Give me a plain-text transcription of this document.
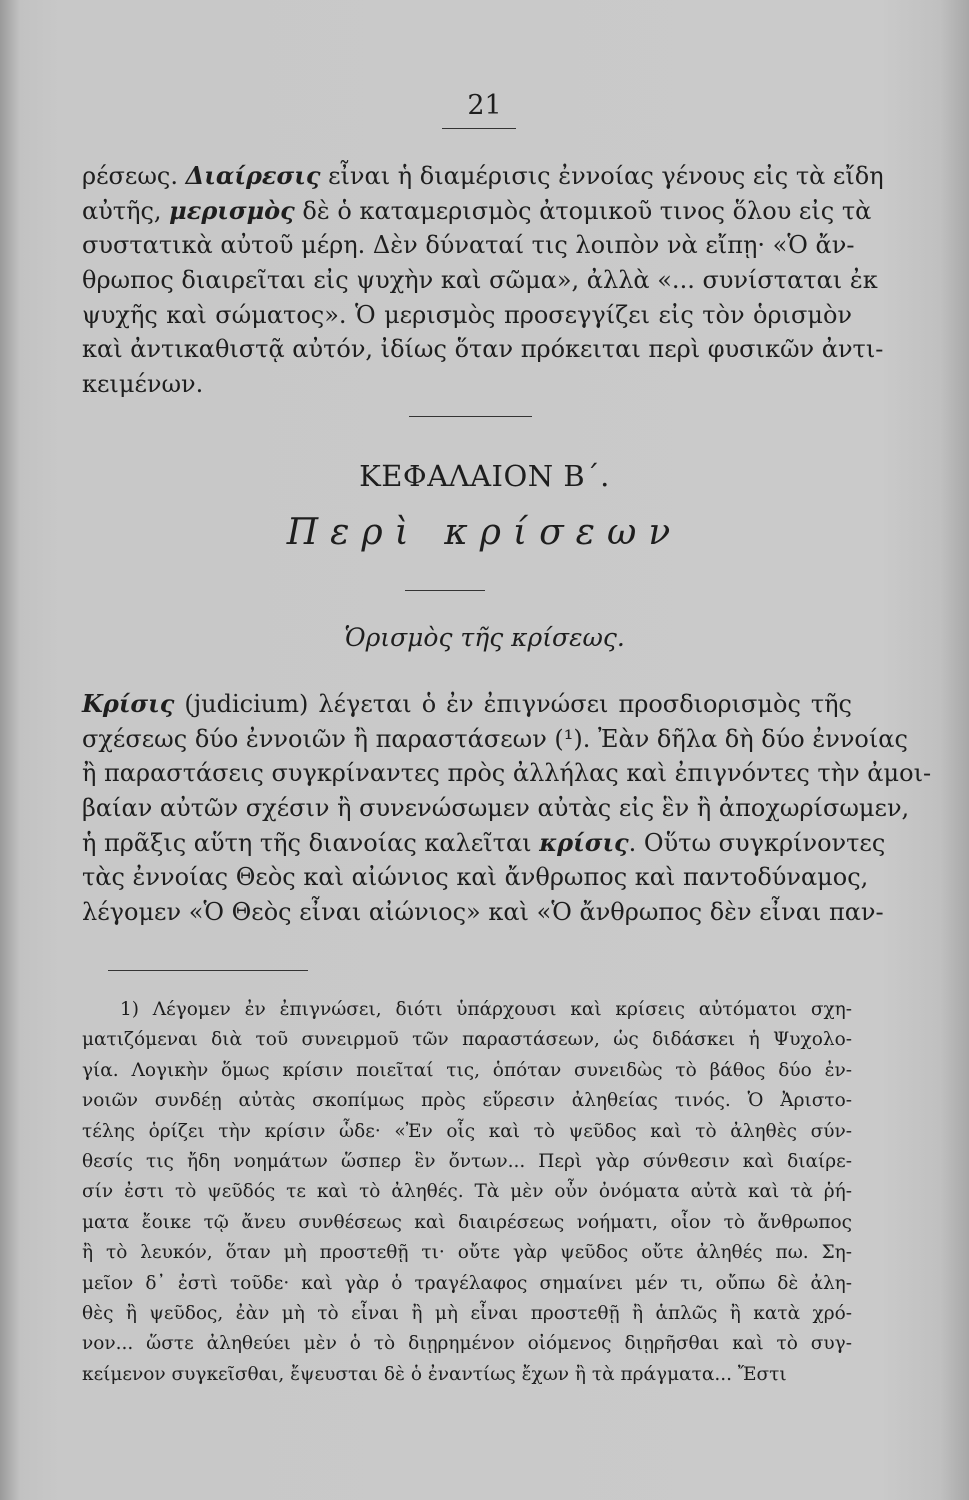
21
ρέσεως. Διαίρεσις εἶναι ἡ διαμέρισις ἐννοίας γένους εἰς τὰ εἴδη
αὐτῆς, μερισμὸς δὲ ὁ καταμερισμὸς ἀτομικοῦ τινος ὅλου εἰς τὰ
συστατικὰ αὐτοῦ μέρη. Δὲν δύναταί τις λοιπὸν νὰ εἴπῃ· «Ὁ ἄν-
θρωπος διαιρεῖται εἰς ψυχὴν καὶ σῶμα», ἀλλὰ «... συνίσταται ἐκ
ψυχῆς καὶ σώματος». Ὁ μερισμὸς προσεγγίζει εἰς τὸν ὁρισμὸν
καὶ ἀντικαθιστᾷ αὐτόν, ἰδίως ὅταν πρόκειται περὶ φυσικῶν ἀντι-
κειμένων.
ΚΕΦΑΛΑΙΟΝ Β΄.
Περὶ κρίσεων
Ὁρισμὸς τῆς κρίσεως.
Κρίσις (judicium) λέγεται ὁ ἐν ἐπιγνώσει προσδιορισμὸς τῆς
σχέσεως δύο ἐννοιῶν ἢ παραστάσεων (¹). Ἐὰν δῆλα δὴ δύο ἐννοίας
ἢ παραστάσεις συγκρίναντες πρὸς ἀλλήλας καὶ ἐπιγνόντες τὴν ἀμοι-
βαίαν αὐτῶν σχέσιν ἢ συνενώσωμεν αὐτὰς εἰς ἓν ἢ ἀποχωρίσωμεν,
ἡ πρᾶξις αὕτη τῆς διανοίας καλεῖται κρίσις. Οὕτω συγκρίνοντες
τὰς ἐννοίας Θεὸς καὶ αἰώνιος καὶ ἄνθρωπος καὶ παντοδύναμος,
λέγομεν «Ὁ Θεὸς εἶναι αἰώνιος» καὶ «Ὁ ἄνθρωπος δὲν εἶναι παν-
1) Λέγομεν ἐν ἐπιγνώσει, διότι ὑπάρχουσι καὶ κρίσεις αὐτόματοι σχη-
ματιζόμεναι διὰ τοῦ συνειρμοῦ τῶν παραστάσεων, ὡς διδάσκει ἡ Ψυχολο-
γία. Λογικὴν ὅμως κρίσιν ποιεῖταί τις, ὁπόταν συνειδὼς τὸ βάθος δύο ἐν-
νοιῶν συνδέῃ αὐτὰς σκοπίμως πρὸς εὕρεσιν ἀληθείας τινός. Ὁ Ἀριστο-
τέλης ὁρίζει τὴν κρίσιν ὧδε· «Ἐν οἷς καὶ τὸ ψεῦδος καὶ τὸ ἀληθὲς σύν-
θεσίς τις ἤδη νοημάτων ὥσπερ ἓν ὄντων... Περὶ γὰρ σύνθεσιν καὶ διαίρε-
σίν ἐστι τὸ ψεῦδός τε καὶ τὸ ἀληθές. Τὰ μὲν οὖν ὀνόματα αὐτὰ καὶ τὰ ῥή-
ματα ἔοικε τῷ ἄνευ συνθέσεως καὶ διαιρέσεως νοήματι, οἷον τὸ ἄνθρωπος
ἢ τὸ λευκόν, ὅταν μὴ προστεθῇ τι· οὔτε γὰρ ψεῦδος οὔτε ἀληθές πω. Ση-
μεῖον δ᾽ ἐστὶ τοῦδε· καὶ γὰρ ὁ τραγέλαφος σημαίνει μέν τι, οὔπω δὲ ἀλη-
θὲς ἢ ψεῦδος, ἐὰν μὴ τὸ εἶναι ἢ μὴ εἶναι προστεθῇ ἢ ἁπλῶς ἢ κατὰ χρό-
νον... ὥστε ἀληθεύει μὲν ὁ τὸ διῃρημένον οἰόμενος διῃρῆσθαι καὶ τὸ συγ-
κείμενον συγκεῖσθαι, ἔψευσται δὲ ὁ ἐναντίως ἔχων ἢ τὰ πράγματα... Ἔστι
